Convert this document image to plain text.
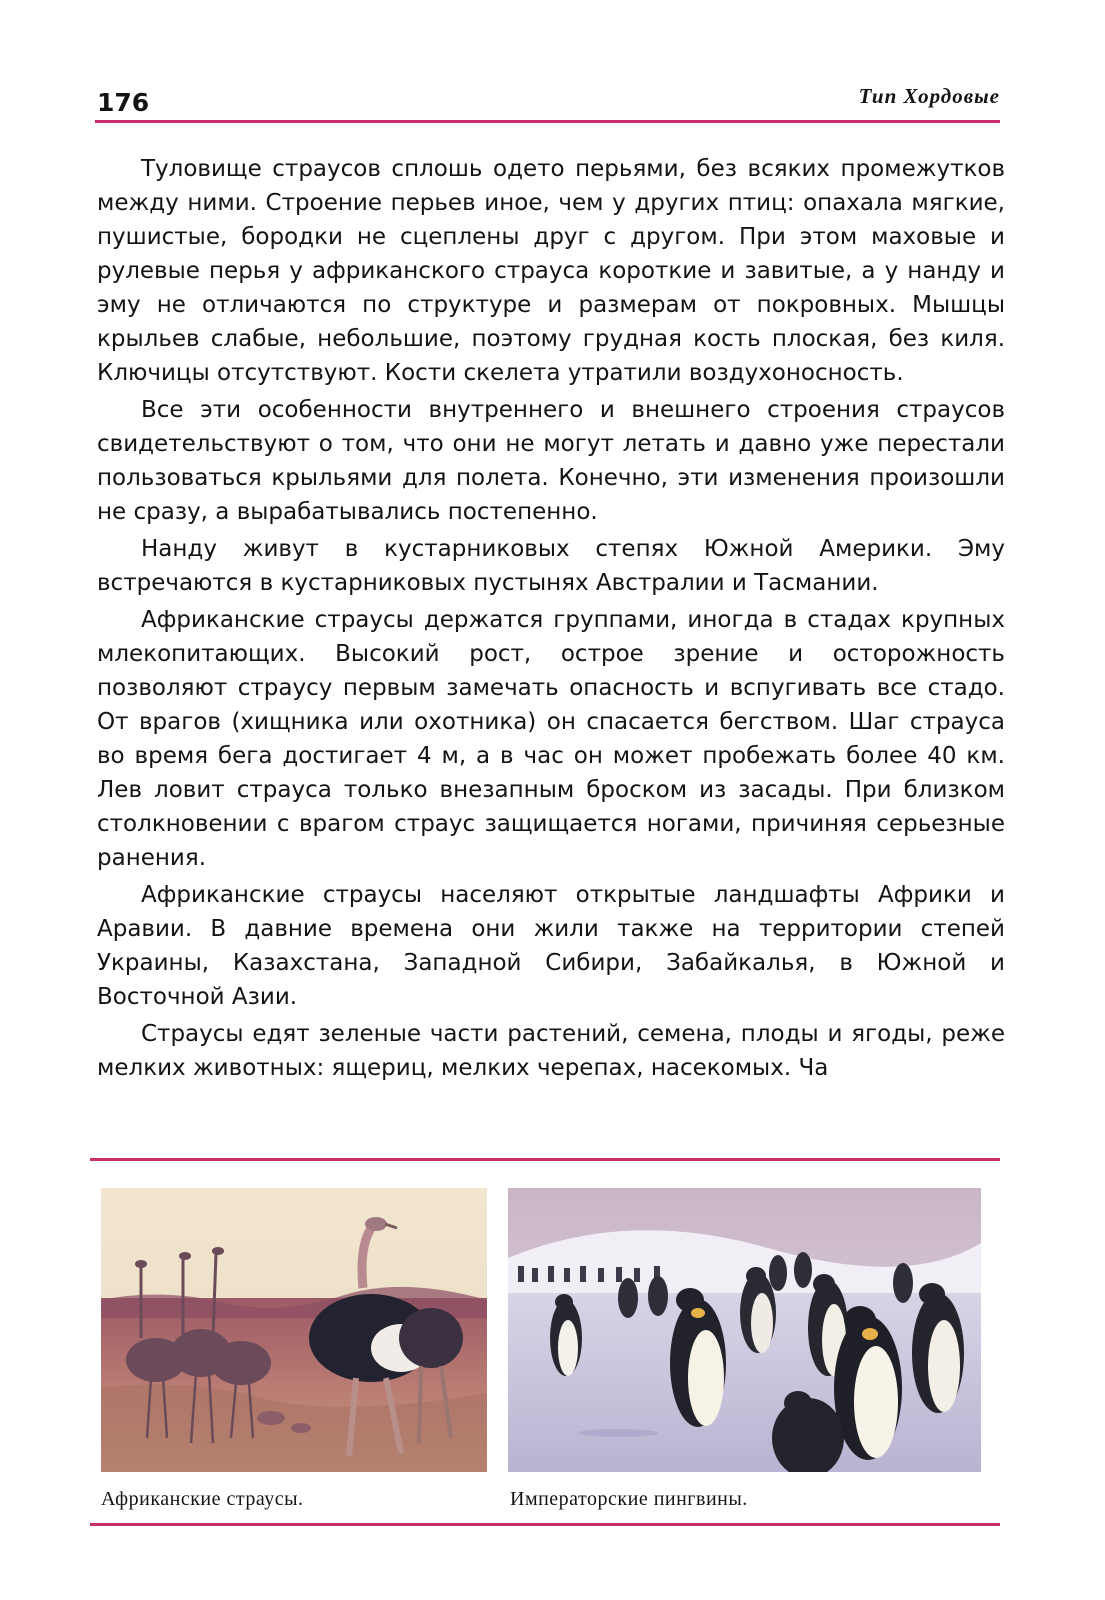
176	Тип Хордовые

Туловище страусов сплошь одето перьями, без всяких промежутков между ними. Строение перьев иное, чем у других птиц: опахала мягкие, пушистые, бородки не сцеплены друг с другом. При этом маховые и рулевые перья у африканского страуса короткие и завитые, а у нанду и эму не отличаются по структуре и размерам от покровных. Мышцы крыльев слабые, небольшие, поэтому грудная кость плоская, без киля. Ключицы отсутствуют. Кости скелета утратили воздухоносность.

Все эти особенности внутреннего и внешнего строения страусов свидетельствуют о том, что они не могут летать и давно уже перестали пользоваться крыльями для полета. Конечно, эти изменения произошли не сразу, а вырабатывались постепенно.

Нанду живут в кустарниковых степях Южной Америки. Эму встречаются в кустарниковых пустынях Австралии и Тасмании.

Африканские страусы держатся группами, иногда в стадах крупных млекопитающих. Высокий рост, острое зрение и осторожность позволяют страусу первым замечать опасность и вспугивать все стадо. От врагов (хищника или охотника) он спасается бегством. Шаг страуса во время бега достигает 4 м, а в час он может пробежать более 40 км. Лев ловит страуса только внезапным броском из засады. При близком столкновении с врагом страус защищается ногами, причиняя серьезные ранения.

Африканские страусы населяют открытые ландшафты Африки и Аравии. В давние времена они жили также на территории степей Украины, Казахстана, Западной Сибири, Забайкалья, в Южной и Восточной Азии.

Страусы едят зеленые части растений, семена, плоды и ягоды, реже мелких животных: ящериц, мелких черепах, насекомых. Ча

Африканские страусы.	Императорские пингвины.
